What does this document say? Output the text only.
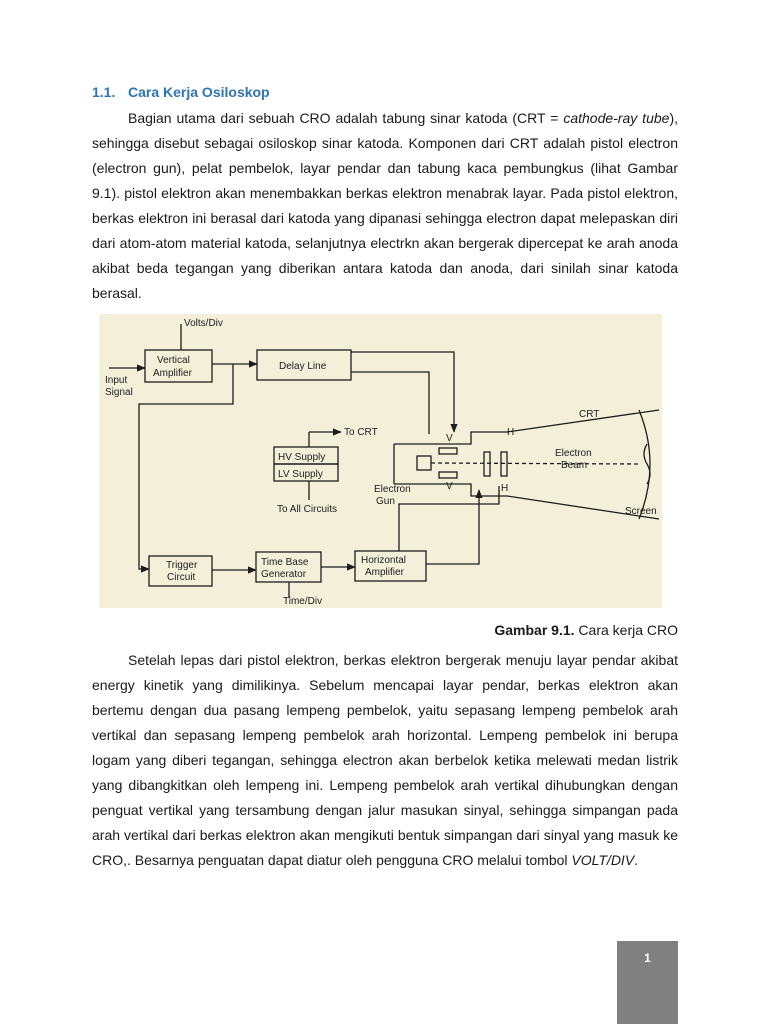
1.1. Cara Kerja Osiloskop

Bagian utama dari sebuah CRO adalah tabung sinar katoda (CRT = cathode-ray tube), sehingga disebut sebagai osiloskop sinar katoda. Komponen dari CRT adalah pistol electron (electron gun), pelat pembelok, layar pendar dan tabung kaca pembungkus (lihat Gambar 9.1). pistol elektron akan menembakkan berkas elektron menabrak layar. Pada pistol elektron, berkas elektron ini berasal dari katoda yang dipanasi sehingga electron dapat melepaskan diri dari atom-atom material katoda, selanjutnya electrkn akan bergerak dipercepat ke arah anoda akibat beda tegangan yang diberikan antara katoda dan anoda, dari sinilah sinar katoda berasal.

Volts/Div
Vertical
Amplifier
Delay Line
Input
Signal
To CRT
HV Supply
LV Supply
To All Circuits
CRT
V
V
H
H
Electron
Beam
Electron
Gun
Screen
Trigger
Circuit
Time Base
Generator
Horizontal
Amplifier
Time/Div

Gambar 9.1. Cara kerja CRO

Setelah lepas dari pistol elektron, berkas elektron bergerak menuju layar pendar akibat energy kinetik yang dimilikinya. Sebelum mencapai layar pendar, berkas elektron akan bertemu dengan dua pasang lempeng pembelok, yaitu sepasang lempeng pembelok arah vertikal dan sepasang lempeng pembelok arah horizontal. Lempeng pembelok ini berupa logam yang diberi tegangan, sehingga electron akan berbelok ketika melewati medan listrik yang dibangkitkan oleh lempeng ini. Lempeng pembelok arah vertikal dihubungkan dengan penguat vertikal yang tersambung dengan jalur masukan sinyal, sehingga simpangan pada arah vertikal dari berkas elektron akan mengikuti bentuk simpangan dari sinyal yang masuk ke CRO,. Besarnya penguatan dapat diatur oleh pengguna CRO melalui tombol VOLT/DIV.

1
